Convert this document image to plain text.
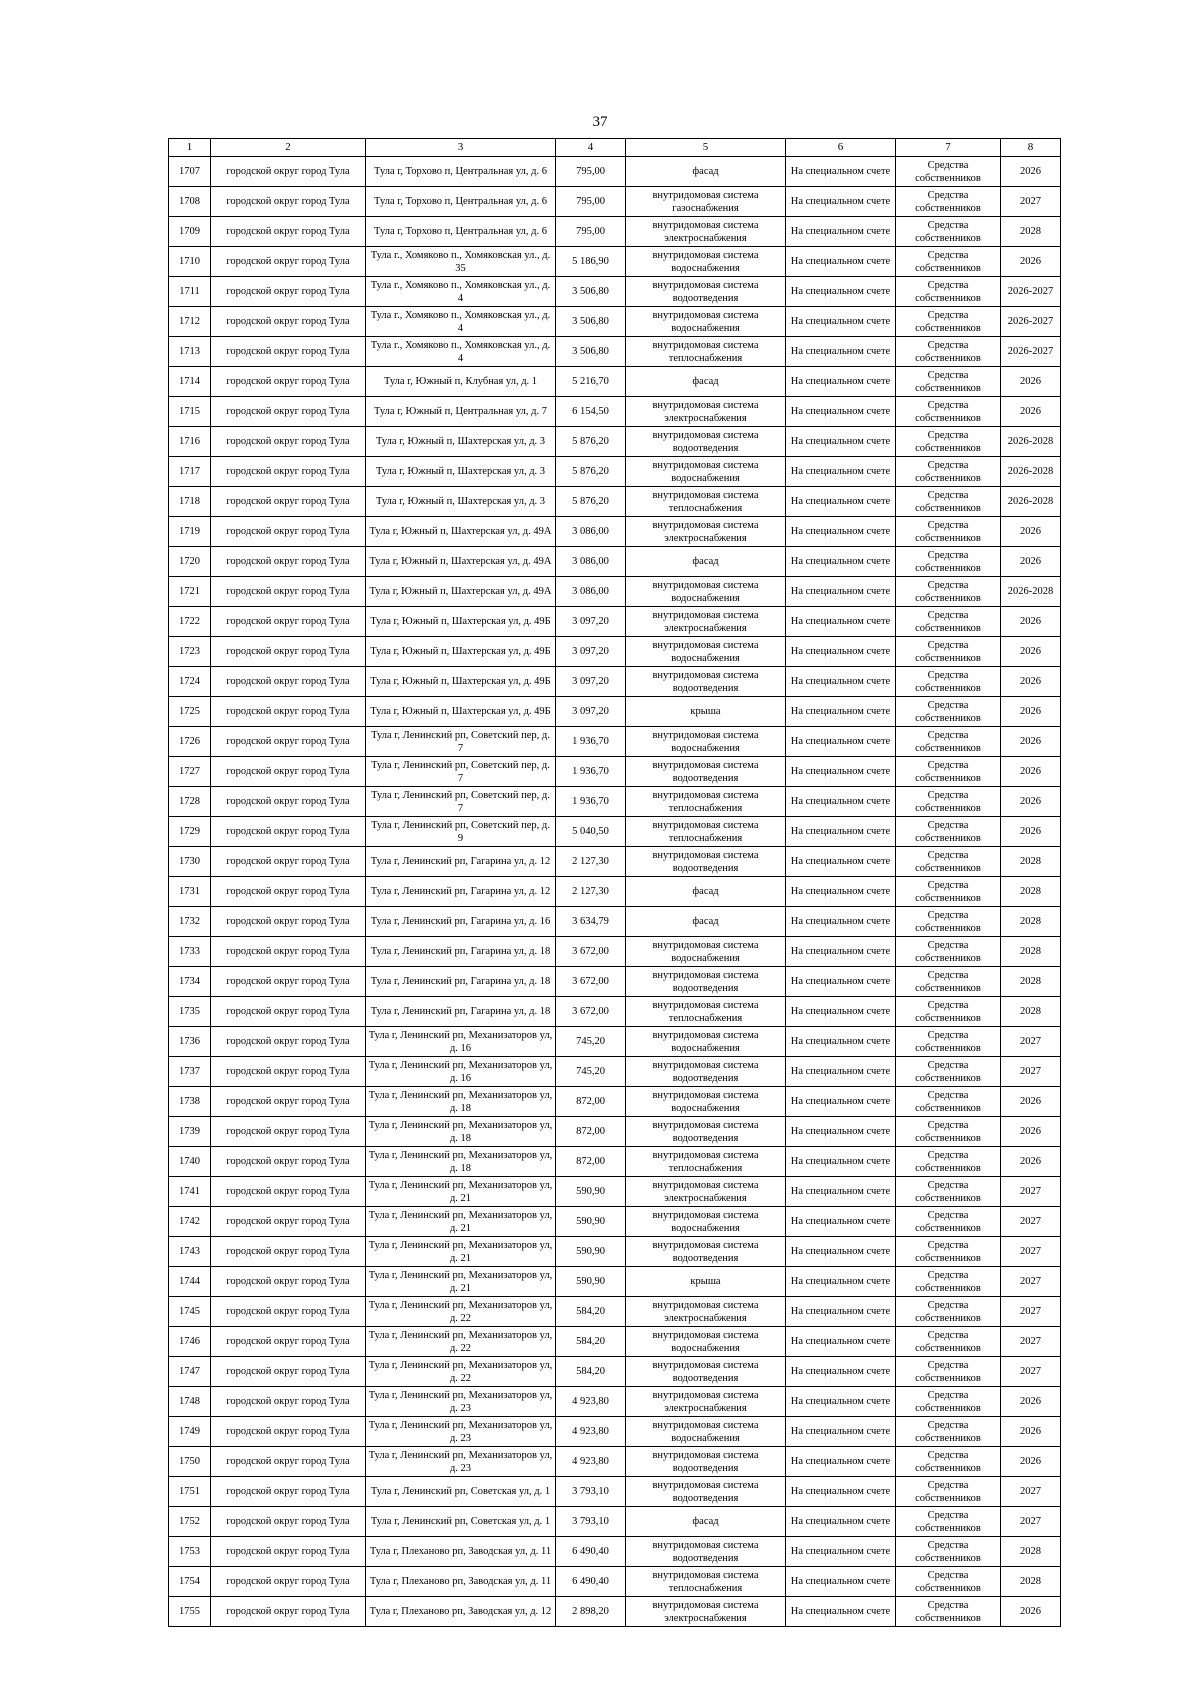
37
1	2	3	4	5	6	7	8
1707	городской округ город Тула	Тула г, Торхово п, Центральная ул, д. 6	795,00	фасад	На специальном счете	Средства собственников	2026
1708	городской округ город Тула	Тула г, Торхово п, Центральная ул, д. 6	795,00	внутридомовая система газоснабжения	На специальном счете	Средства собственников	2027
1709	городской округ город Тула	Тула г, Торхово п, Центральная ул, д. 6	795,00	внутридомовая система электроснабжения	На специальном счете	Средства собственников	2028
1710	городской округ город Тула	Тула г., Хомяково п., Хомяковская ул., д. 35	5 186,90	внутридомовая система водоснабжения	На специальном счете	Средства собственников	2026
1711	городской округ город Тула	Тула г., Хомяково п., Хомяковская ул., д. 4	3 506,80	внутридомовая система водоотведения	На специальном счете	Средства собственников	2026-2027
1712	городской округ город Тула	Тула г., Хомяково п., Хомяковская ул., д. 4	3 506,80	внутридомовая система водоснабжения	На специальном счете	Средства собственников	2026-2027
1713	городской округ город Тула	Тула г., Хомяково п., Хомяковская ул., д. 4	3 506,80	внутридомовая система теплоснабжения	На специальном счете	Средства собственников	2026-2027
1714	городской округ город Тула	Тула г, Южный п, Клубная ул, д. 1	5 216,70	фасад	На специальном счете	Средства собственников	2026
1715	городской округ город Тула	Тула г, Южный п, Центральная ул, д. 7	6 154,50	внутридомовая система электроснабжения	На специальном счете	Средства собственников	2026
1716	городской округ город Тула	Тула г, Южный п, Шахтерская ул, д. 3	5 876,20	внутридомовая система водоотведения	На специальном счете	Средства собственников	2026-2028
1717	городской округ город Тула	Тула г, Южный п, Шахтерская ул, д. 3	5 876,20	внутридомовая система водоснабжения	На специальном счете	Средства собственников	2026-2028
1718	городской округ город Тула	Тула г, Южный п, Шахтерская ул, д. 3	5 876,20	внутридомовая система теплоснабжения	На специальном счете	Средства собственников	2026-2028
1719	городской округ город Тула	Тула г, Южный п, Шахтерская ул, д. 49А	3 086,00	внутридомовая система электроснабжения	На специальном счете	Средства собственников	2026
1720	городской округ город Тула	Тула г, Южный п, Шахтерская ул, д. 49А	3 086,00	фасад	На специальном счете	Средства собственников	2026
1721	городской округ город Тула	Тула г, Южный п, Шахтерская ул, д. 49А	3 086,00	внутридомовая система водоснабжения	На специальном счете	Средства собственников	2026-2028
1722	городской округ город Тула	Тула г, Южный п, Шахтерская ул, д. 49Б	3 097,20	внутридомовая система электроснабжения	На специальном счете	Средства собственников	2026
1723	городской округ город Тула	Тула г, Южный п, Шахтерская ул, д. 49Б	3 097,20	внутридомовая система водоснабжения	На специальном счете	Средства собственников	2026
1724	городской округ город Тула	Тула г, Южный п, Шахтерская ул, д. 49Б	3 097,20	внутридомовая система водоотведения	На специальном счете	Средства собственников	2026
1725	городской округ город Тула	Тула г, Южный п, Шахтерская ул, д. 49Б	3 097,20	крыша	На специальном счете	Средства собственников	2026
1726	городской округ город Тула	Тула г, Ленинский рп, Советский пер, д. 7	1 936,70	внутридомовая система водоснабжения	На специальном счете	Средства собственников	2026
1727	городской округ город Тула	Тула г, Ленинский рп, Советский пер, д. 7	1 936,70	внутридомовая система водоотведения	На специальном счете	Средства собственников	2026
1728	городской округ город Тула	Тула г, Ленинский рп, Советский пер, д. 7	1 936,70	внутридомовая система теплоснабжения	На специальном счете	Средства собственников	2026
1729	городской округ город Тула	Тула г, Ленинский рп, Советский пер, д. 9	5 040,50	внутридомовая система теплоснабжения	На специальном счете	Средства собственников	2026
1730	городской округ город Тула	Тула г, Ленинский рп, Гагарина ул, д. 12	2 127,30	внутридомовая система водоотведения	На специальном счете	Средства собственников	2028
1731	городской округ город Тула	Тула г, Ленинский рп, Гагарина ул, д. 12	2 127,30	фасад	На специальном счете	Средства собственников	2028
1732	городской округ город Тула	Тула г, Ленинский рп, Гагарина ул, д. 16	3 634,79	фасад	На специальном счете	Средства собственников	2028
1733	городской округ город Тула	Тула г, Ленинский рп, Гагарина ул, д. 18	3 672,00	внутридомовая система водоснабжения	На специальном счете	Средства собственников	2028
1734	городской округ город Тула	Тула г, Ленинский рп, Гагарина ул, д. 18	3 672,00	внутридомовая система водоотведения	На специальном счете	Средства собственников	2028
1735	городской округ город Тула	Тула г, Ленинский рп, Гагарина ул, д. 18	3 672,00	внутридомовая система теплоснабжения	На специальном счете	Средства собственников	2028
1736	городской округ город Тула	Тула г, Ленинский рп, Механизаторов ул, д. 16	745,20	внутридомовая система водоснабжения	На специальном счете	Средства собственников	2027
1737	городской округ город Тула	Тула г, Ленинский рп, Механизаторов ул, д. 16	745,20	внутридомовая система водоотведения	На специальном счете	Средства собственников	2027
1738	городской округ город Тула	Тула г, Ленинский рп, Механизаторов ул, д. 18	872,00	внутридомовая система водоснабжения	На специальном счете	Средства собственников	2026
1739	городской округ город Тула	Тула г, Ленинский рп, Механизаторов ул, д. 18	872,00	внутридомовая система водоотведения	На специальном счете	Средства собственников	2026
1740	городской округ город Тула	Тула г, Ленинский рп, Механизаторов ул, д. 18	872,00	внутридомовая система теплоснабжения	На специальном счете	Средства собственников	2026
1741	городской округ город Тула	Тула г, Ленинский рп, Механизаторов ул, д. 21	590,90	внутридомовая система электроснабжения	На специальном счете	Средства собственников	2027
1742	городской округ город Тула	Тула г, Ленинский рп, Механизаторов ул, д. 21	590,90	внутридомовая система водоснабжения	На специальном счете	Средства собственников	2027
1743	городской округ город Тула	Тула г, Ленинский рп, Механизаторов ул, д. 21	590,90	внутридомовая система водоотведения	На специальном счете	Средства собственников	2027
1744	городской округ город Тула	Тула г, Ленинский рп, Механизаторов ул, д. 21	590,90	крыша	На специальном счете	Средства собственников	2027
1745	городской округ город Тула	Тула г, Ленинский рп, Механизаторов ул, д. 22	584,20	внутридомовая система электроснабжения	На специальном счете	Средства собственников	2027
1746	городской округ город Тула	Тула г, Ленинский рп, Механизаторов ул, д. 22	584,20	внутридомовая система водоснабжения	На специальном счете	Средства собственников	2027
1747	городской округ город Тула	Тула г, Ленинский рп, Механизаторов ул, д. 22	584,20	внутридомовая система водоотведения	На специальном счете	Средства собственников	2027
1748	городской округ город Тула	Тула г, Ленинский рп, Механизаторов ул, д. 23	4 923,80	внутридомовая система электроснабжения	На специальном счете	Средства собственников	2026
1749	городской округ город Тула	Тула г, Ленинский рп, Механизаторов ул, д. 23	4 923,80	внутридомовая система водоснабжения	На специальном счете	Средства собственников	2026
1750	городской округ город Тула	Тула г, Ленинский рп, Механизаторов ул, д. 23	4 923,80	внутридомовая система водоотведения	На специальном счете	Средства собственников	2026
1751	городской округ город Тула	Тула г, Ленинский рп, Советская ул, д. 1	3 793,10	внутридомовая система водоотведения	На специальном счете	Средства собственников	2027
1752	городской округ город Тула	Тула г, Ленинский рп, Советская ул, д. 1	3 793,10	фасад	На специальном счете	Средства собственников	2027
1753	городской округ город Тула	Тула г, Плеханово рп, Заводская ул, д. 11	6 490,40	внутридомовая система водоотведения	На специальном счете	Средства собственников	2028
1754	городской округ город Тула	Тула г, Плеханово рп, Заводская ул, д. 11	6 490,40	внутридомовая система теплоснабжения	На специальном счете	Средства собственников	2028
1755	городской округ город Тула	Тула г, Плеханово рп, Заводская ул, д. 12	2 898,20	внутридомовая система электроснабжения	На специальном счете	Средства собственников	2026
